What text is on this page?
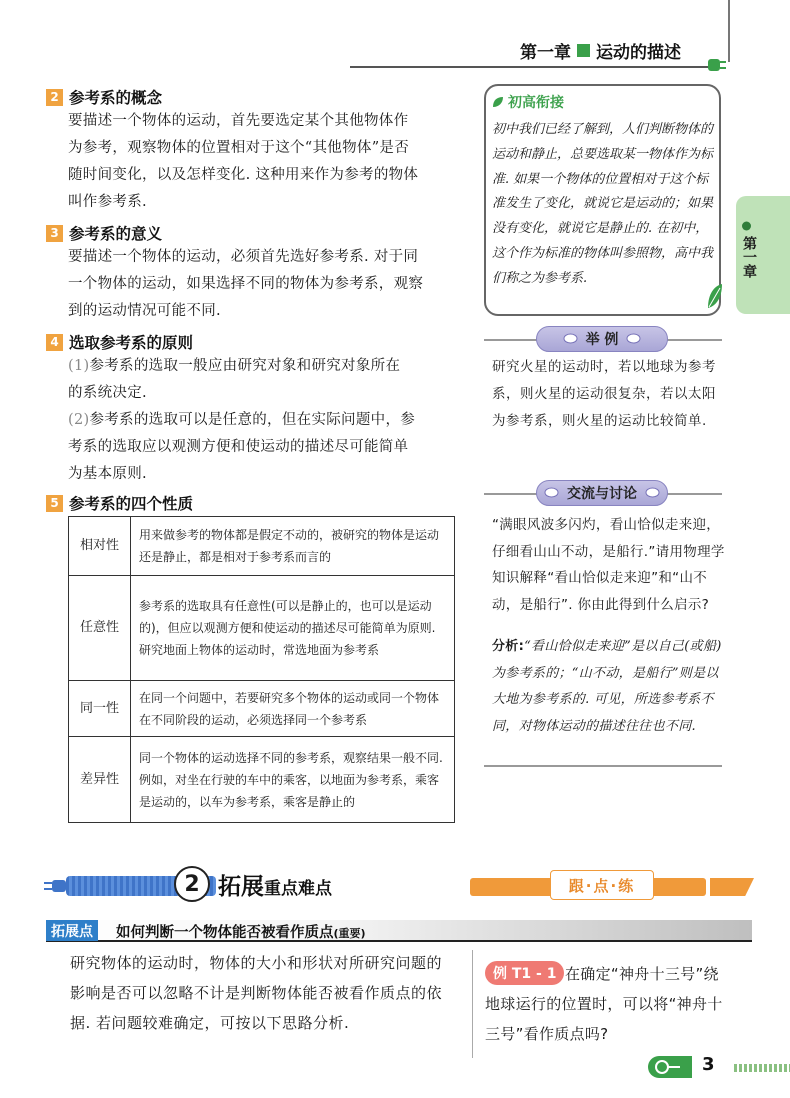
第一章 运动的描述
第一章
2 参考系的概念
要描述一个物体的运动，首先要选定某个其他物体作
为参考，观察物体的位置相对于这个“其他物体”是否
随时间变化，以及怎样变化. 这种用来作为参考的物体
叫作参考系.
3 参考系的意义
要描述一个物体的运动，必须首先选好参考系. 对于同
一个物体的运动，如果选择不同的物体为参考系，观察
到的运动情况可能不同.
4 选取参考系的原则
(1)参考系的选取一般应由研究对象和研究对象所在
的系统决定.
(2)参考系的选取可以是任意的，但在实际问题中，参
考系的选取应以观测方便和使运动的描述尽可能简单
为基本原则.
5 参考系的四个性质
相对性	用来做参考的物体都是假定不动的，被研究的物体是运动还是静止，都是相对于参考系而言的
任意性	参考系的选取具有任意性(可以是静止的，也可以是运动的)，但应以观测方便和使运动的描述尽可能简单为原则. 研究地面上物体的运动时，常选地面为参考系
同一性	在同一个问题中，若要研究多个物体的运动或同一个物体在不同阶段的运动，必须选择同一个参考系
差异性	同一个物体的运动选择不同的参考系，观察结果一般不同. 例如，对坐在行驶的车中的乘客，以地面为参考系，乘客是运动的，以车为参考系，乘客是静止的
初高衔接
初中我们已经了解到，人们判断物体的运动和静止，总要选取某一物体作为标准. 如果一个物体的位置相对于这个标准发生了变化，就说它是运动的；如果没有变化，就说它是静止的. 在初中，这个作为标准的物体叫参照物，高中我们称之为参考系.
举 例
研究火星的运动时，若以地球为参考系，则火星的运动很复杂，若以太阳为参考系，则火星的运动比较简单.
交流与讨论
“满眼风波多闪灼，看山恰似走来迎，仔细看山山不动，是船行.”请用物理学知识解释“看山恰似走来迎”和“山不动，是船行”. 你由此得到什么启示?
分析:“看山恰似走来迎”是以自己(或船)为参考系的；“山不动，是船行”则是以大地为参考系的. 可见，所选参考系不同，对物体运动的描述往往也不同.
2 拓展 重点难点	跟·点·练
拓展点	如何判断一个物体能否被看作质点(重要)
研究物体的运动时，物体的大小和形状对所研究问题的影响是否可以忽略不计是判断物体能否被看作质点的依据. 若问题较难确定，可按以下思路分析.
在确定“神舟十三号”绕地球运行的位置时，可以将“神舟十三号”看作质点吗?
例 T1 - 1
3
